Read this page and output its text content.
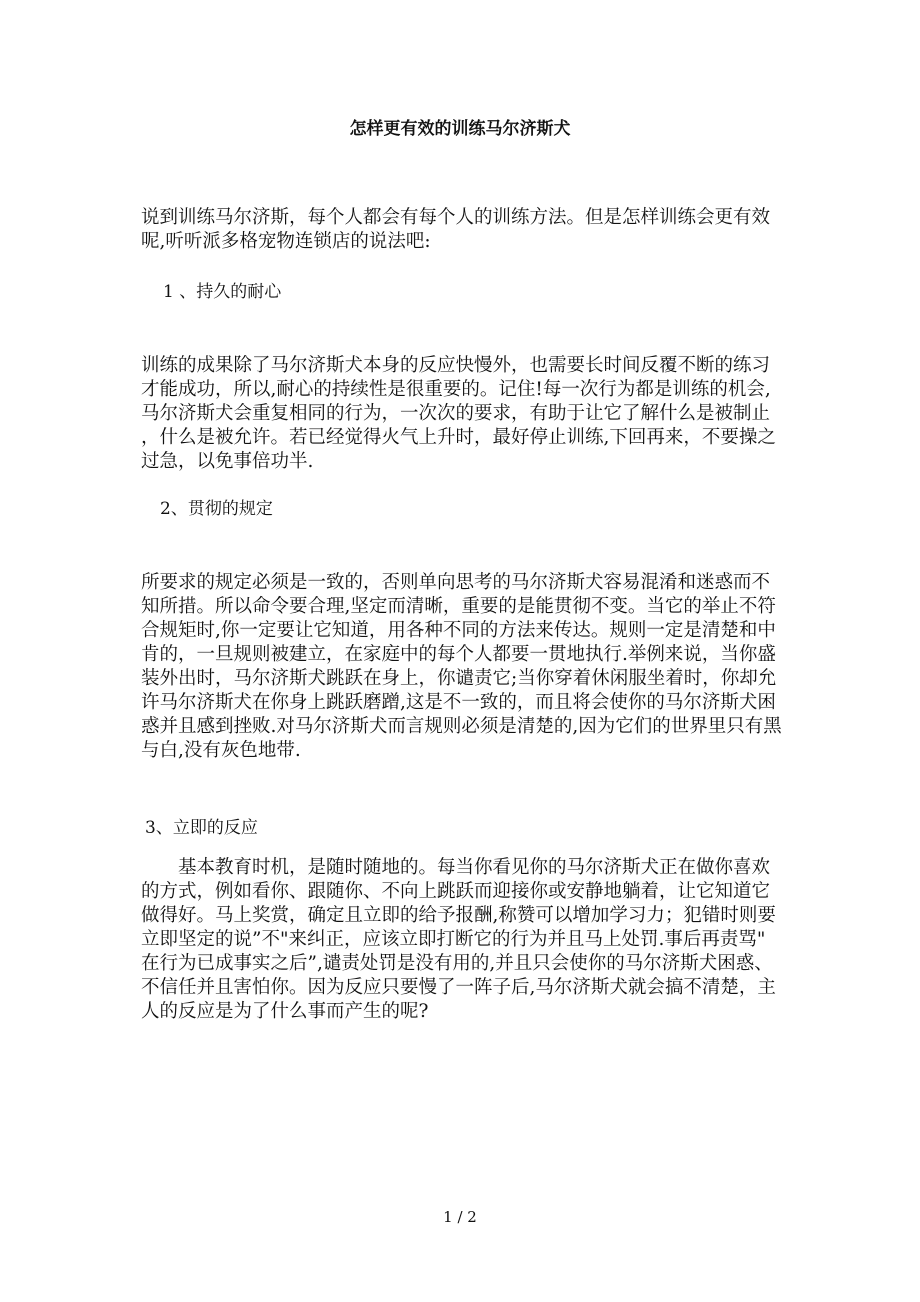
怎样更有效的训练马尔济斯犬
说到训练马尔济斯，每个人都会有每个人的训练方法。但是怎样训练会更有效
呢,听听派多格宠物连锁店的说法吧:
1 、持久的耐心
训练的成果除了马尔济斯犬本身的反应快慢外，也需要长时间反覆不断的练习
才能成功，所以,耐心的持续性是很重要的。记住!每一次行为都是训练的机会,
马尔济斯犬会重复相同的行为，一次次的要求，有助于让它了解什么是被制止
，什么是被允许。若已经觉得火气上升时，最好停止训练,下回再来，不要操之
过急，以免事倍功半.
2、贯彻的规定
所要求的规定必须是一致的，否则单向思考的马尔济斯犬容易混淆和迷惑而不
知所措。所以命令要合理,坚定而清晰，重要的是能贯彻不变。当它的举止不符
合规矩时,你一定要让它知道，用各种不同的方法来传达。规则一定是清楚和中
肯的，一旦规则被建立，在家庭中的每个人都要一贯地执行.举例来说，当你盛
装外出时，马尔济斯犬跳跃在身上，你谴责它;当你穿着休闲服坐着时，你却允
许马尔济斯犬在你身上跳跃磨蹭,这是不一致的，而且将会使你的马尔济斯犬困
惑并且感到挫败.对马尔济斯犬而言规则必须是清楚的,因为它们的世界里只有黑
与白,没有灰色地带.
3、立即的反应
　　基本教育时机，是随时随地的。每当你看见你的马尔济斯犬正在做你喜欢
的方式，例如看你、跟随你、不向上跳跃而迎接你或安静地躺着，让它知道它
做得好。马上奖赏，确定且立即的给予报酬,称赞可以增加学习力；犯错时则要
立即坚定的说”不"来纠正，应该立即打断它的行为并且马上处罚.事后再责骂"
在行为已成事实之后”,谴责处罚是没有用的,并且只会使你的马尔济斯犬困惑、
不信任并且害怕你。因为反应只要慢了一阵子后,马尔济斯犬就会搞不清楚，主
人的反应是为了什么事而产生的呢?
1 / 2
